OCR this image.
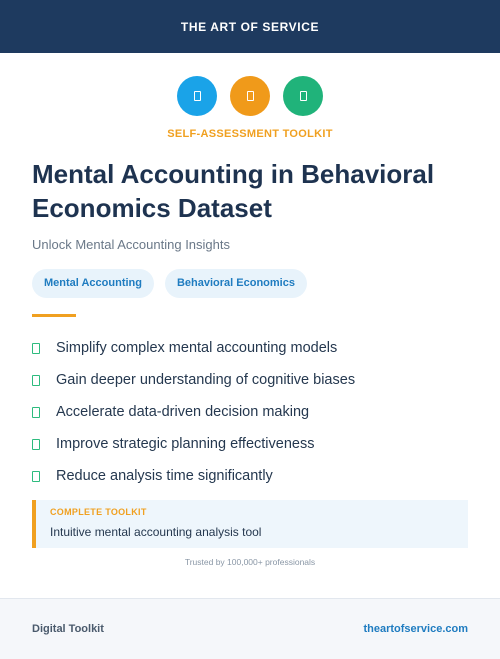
THE ART OF SERVICE
SELF-ASSESSMENT TOOLKIT
Mental Accounting in Behavioral Economics Dataset
Unlock Mental Accounting Insights
Mental Accounting	Behavioral Economics
Simplify complex mental accounting models
Gain deeper understanding of cognitive biases
Accelerate data-driven decision making
Improve strategic planning effectiveness
Reduce analysis time significantly
COMPLETE TOOLKIT
Intuitive mental accounting analysis tool
Trusted by 100,000+ professionals
Digital Toolkit	theartofservice.com
